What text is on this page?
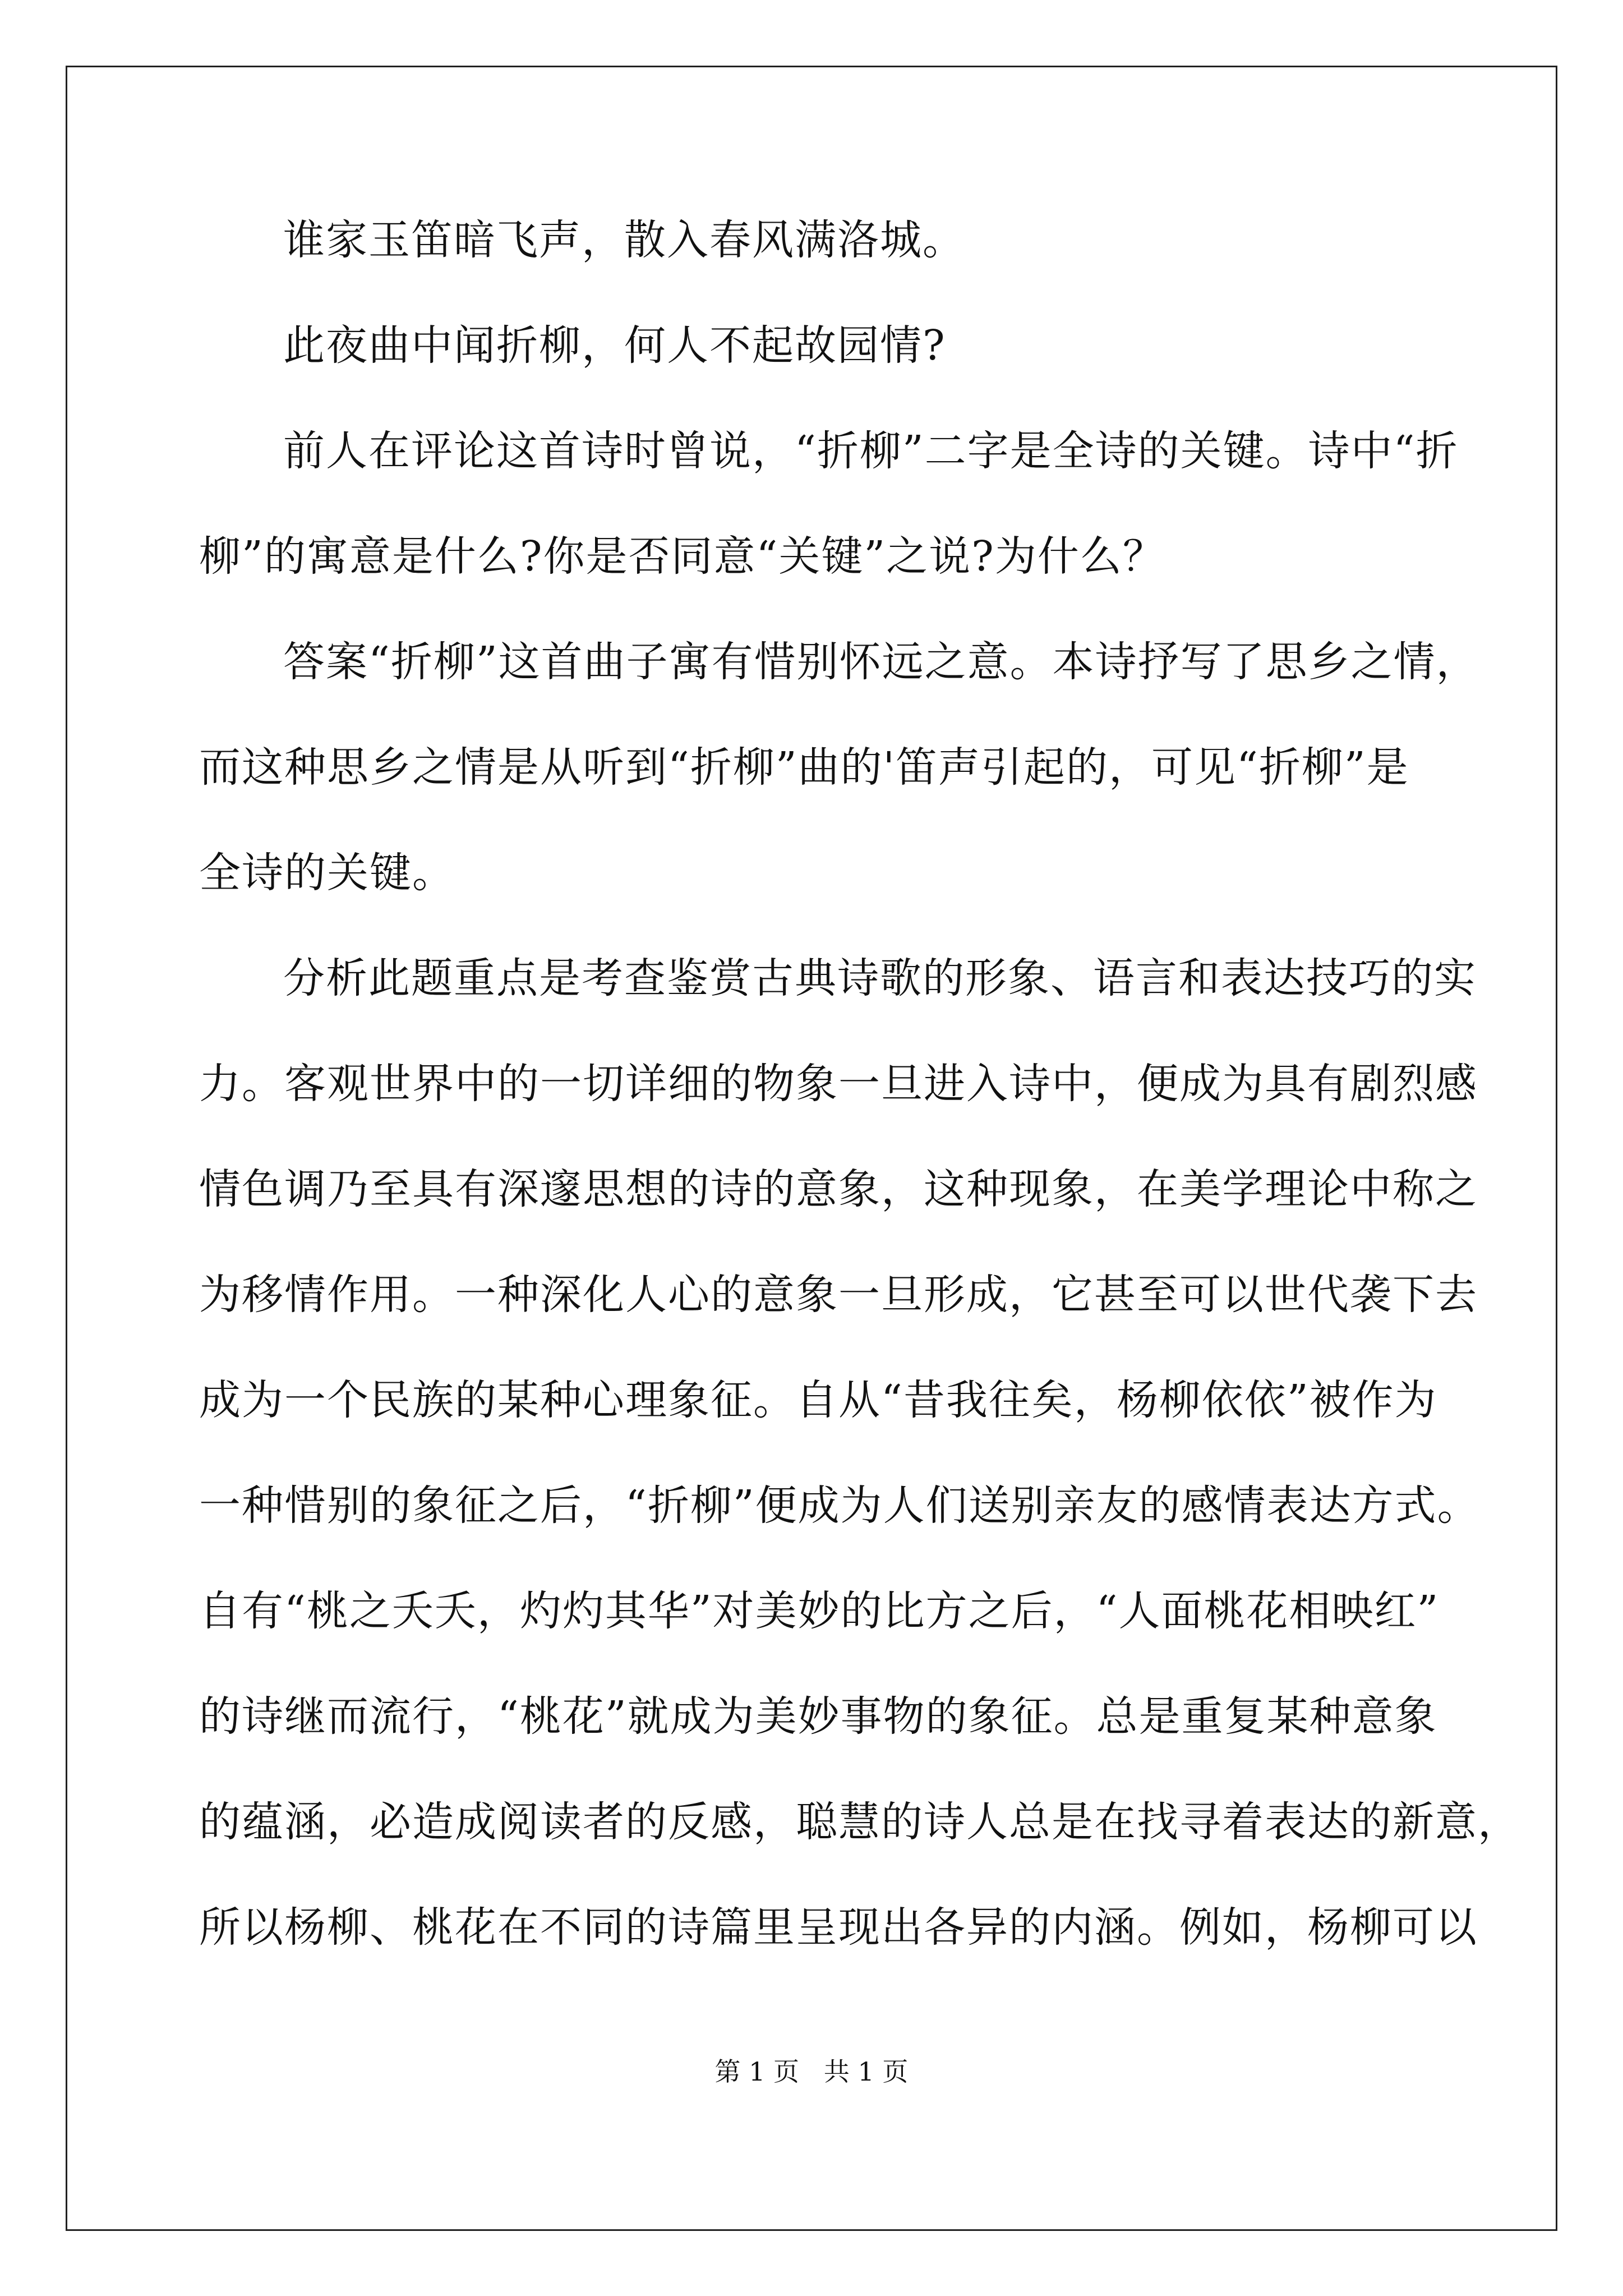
谁家玉笛暗飞声，散入春风满洛城。
此夜曲中闻折柳，何人不起故园情?
前人在评论这首诗时曾说，“折柳”二字是全诗的关键。诗中“折
柳”的寓意是什么?你是否同意“关键”之说?为什么？
答案“折柳”这首曲子寓有惜别怀远之意。本诗抒写了思乡之情，
而这种思乡之情是从听到“折柳”曲的'笛声引起的，可见“折柳”是
全诗的关键。
分析此题重点是考查鉴赏古典诗歌的形象、语言和表达技巧的实
力。客观世界中的一切详细的物象一旦进入诗中，便成为具有剧烈感
情色调乃至具有深邃思想的诗的意象，这种现象，在美学理论中称之
为移情作用。一种深化人心的意象一旦形成，它甚至可以世代袭下去
成为一个民族的某种心理象征。自从“昔我往矣，杨柳依依”被作为
一种惜别的象征之后，“折柳”便成为人们送别亲友的感情表达方式。
自有“桃之夭夭，灼灼其华”对美妙的比方之后，“人面桃花相映红”
的诗继而流行，“桃花”就成为美妙事物的象征。总是重复某种意象
的蕴涵，必造成阅读者的反感，聪慧的诗人总是在找寻着表达的新意，
所以杨柳、桃花在不同的诗篇里呈现出各异的内涵。例如，杨柳可以
第 1 页   共 1 页
